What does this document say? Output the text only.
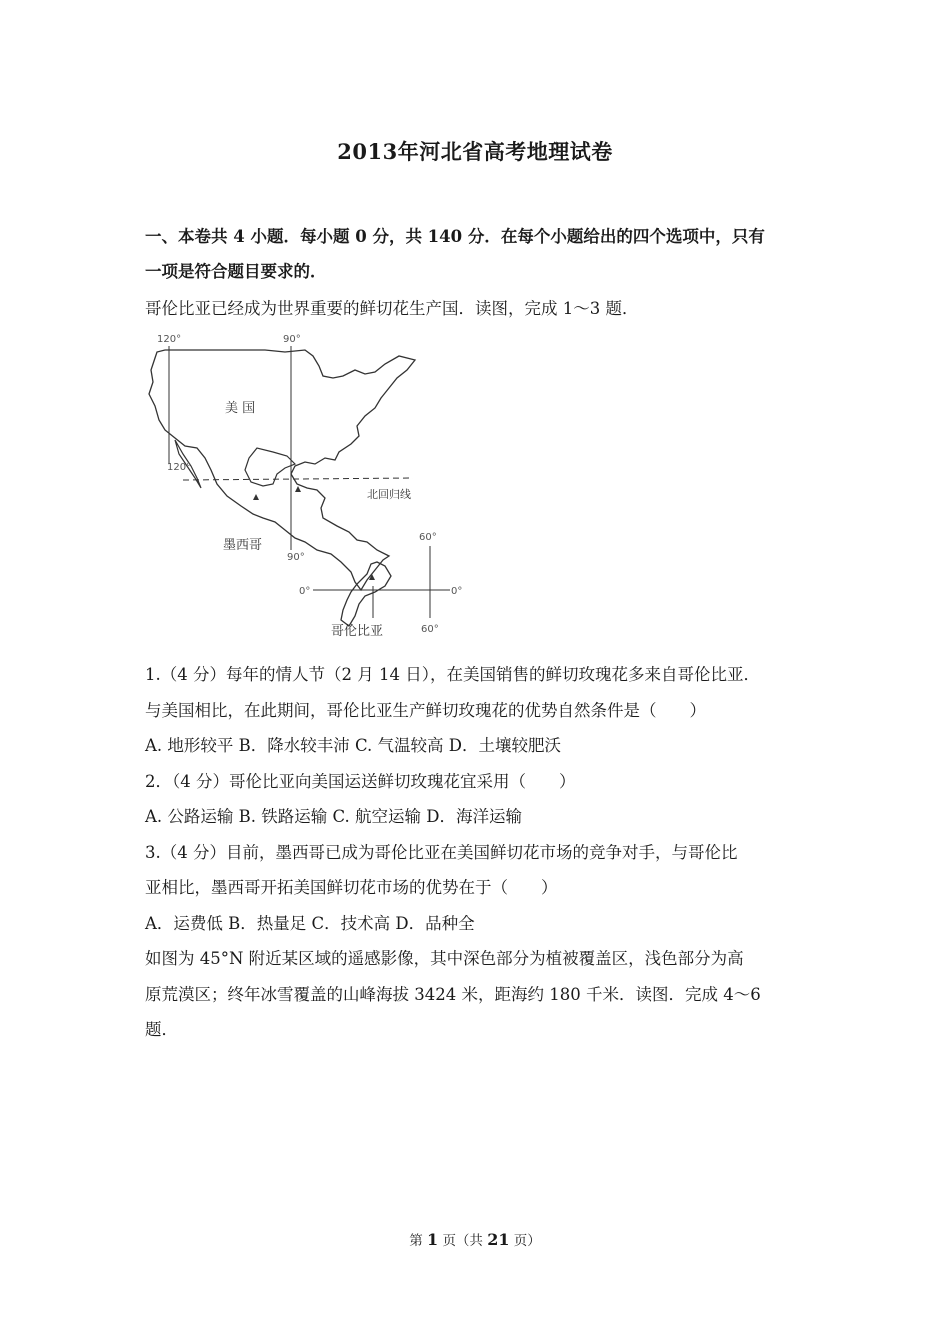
2013年河北省高考地理试卷
一、本卷共 4 小题．每小题 0 分，共 140 分．在每个小题给出的四个选项中，只有
一项是符合题目要求的．
哥伦比亚已经成为世界重要的鲜切花生产国．读图，完成 1～3 题．
美 国
墨西哥
哥伦比亚
北回归线
120°
120°
90°
90°
60°
60°
0°	0°
1.（4 分）每年的情人节（2 月 14 日），在美国销售的鲜切玫瑰花多来自哥伦比亚．
与美国相比，在此期间，哥伦比亚生产鲜切玫瑰花的优势自然条件是（　　）
A. 地形较平 B．降水较丰沛 C. 气温较高 D．土壤较肥沃
2．（4 分）哥伦比亚向美国运送鲜切玫瑰花宜采用（　　）
A. 公路运输 B. 铁路运输 C. 航空运输 D．海洋运输
3.（4 分）目前，墨西哥已成为哥伦比亚在美国鲜切花市场的竞争对手，与哥伦比
亚相比，墨西哥开拓美国鲜切花市场的优势在于（　　）
A．运费低 B．热量足 C．技术高 D．品种全
如图为 45°N 附近某区域的遥感影像，其中深色部分为植被覆盖区，浅色部分为高
原荒漠区；终年冰雪覆盖的山峰海拔 3424 米，距海约 180 千米．读图．完成 4～6
题．
第 1 页（共 21 页）
